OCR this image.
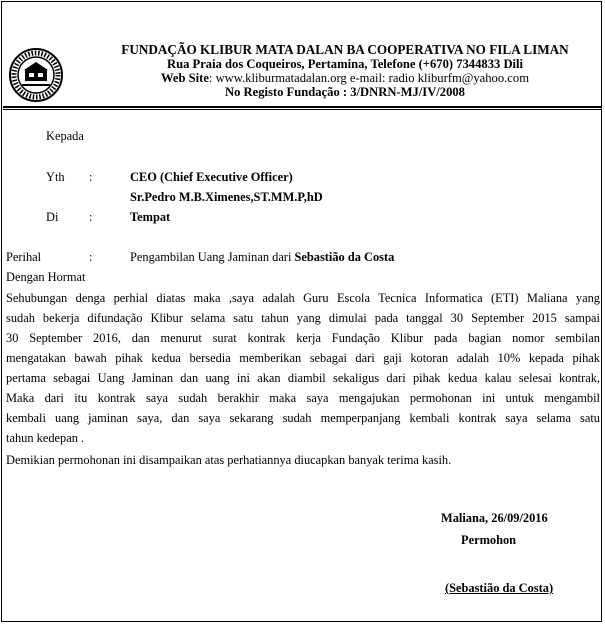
FUNDAÇÃO KLIBUR MATA DALAN BA COOPERATIVA NO FILA LIMAN
Rua Praia dos Coqueiros, Pertamina, Telefone (+670) 7344833 Dili
Web Site: www.kliburmatadalan.org e-mail: radio kliburfm@yahoo.com
No Registo Fundação : 3/DNRN-MJ/IV/2008
Kepada
Yth :	CEO (Chief Executive Officer)
Sr.Pedro M.B.Ximenes,ST.MM.P,hD
Di :	Tempat
Perihal	:	Pengambilan Uang Jaminan dari Sebastião da Costa
Dengan Hormat
Sehubungan denga perhial diatas maka ,saya adalah Guru Escola Tecnica Informatica (ETI) Maliana yang
sudah bekerja difundação Klibur selama satu tahun yang dimulai pada tanggal 30 September 2015 sampai
30 September 2016, dan menurut surat kontrak kerja Fundação Klibur pada bagian nomor sembilan
mengatakan bawah pihak kedua bersedia memberikan sebagai dari gaji kotoran adalah 10% kepada pihak
pertama sebagai Uang Jaminan dan uang ini akan diambil sekaligus dari pihak kedua kalau selesai kontrak,
Maka dari itu kontrak saya sudah berakhir maka saya mengajukan permohonan ini untuk mengambil
kembali uang jaminan saya, dan saya sekarang sudah memperpanjang kembali kontrak saya selama satu
tahun kedepan .
Demikian permohonan ini disampaikan atas perhatiannya diucapkan banyak terima kasih.
Maliana, 26/09/2016
Permohon
(Sebastião da Costa)
